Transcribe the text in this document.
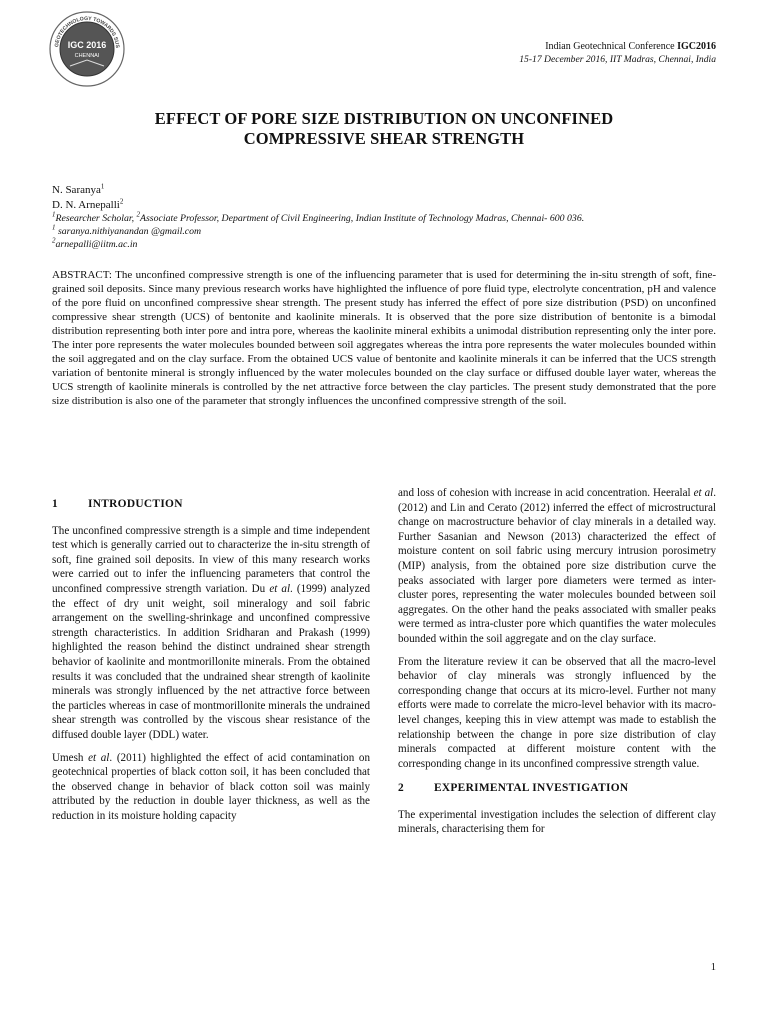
GEOTECHNOLOGY TOWARDS SUS
IGC 2016
CHENNAI
Indian Geotechnical Conference IGC2016
15-17 December 2016, IIT Madras, Chennai, India
EFFECT OF PORE SIZE DISTRIBUTION ON UNCONFINED
COMPRESSIVE SHEAR STRENGTH
N. Saranya$^1$
D. N. Arnepalli$^2$
$^1$Researcher Scholar, $^2$Associate Professor, Department of Civil Engineering, Indian Institute of Technology Madras, Chennai- 600 036.
$^1$ saranya.nithiyanandan @gmail.com
$^2$arnepalli@iitm.ac.in
ABSTRACT: The unconfined compressive strength is one of the influencing parameter that is used for determining the in-situ strength of soft, fine-grained soil deposits. Since many previous research works have highlighted the influence of pore fluid type, electrolyte concentration, pH and valence of the pore fluid on unconfined compressive shear strength. The present study has inferred the effect of pore size distribution (PSD) on unconfined compressive shear strength (UCS) of bentonite and kaolinite minerals. It is observed that the pore size distribution of bentonite is a bimodal distribution representing both inter pore and intra pore, whereas the kaolinite mineral exhibits a unimodal distribution representing only the inter pore. The inter pore represents the water molecules bounded between soil aggregates whereas the intra pore represents the water molecules bounded within the soil aggregated and on the clay surface. From the obtained UCS value of bentonite and kaolinite minerals it can be inferred that the UCS strength variation of bentonite mineral is strongly influenced by the water molecules bounded on the clay surface or diffused double layer water, whereas the UCS strength of kaolinite minerals is controlled by the net attractive force between the clay particles. The present study demonstrated that the pore size distribution is also one of the parameter that strongly influences the unconfined compressive strength of the soil.
1	INTRODUCTION

The unconfined compressive strength is a simple and time independent test which is generally carried out to characterize the in-situ strength of soft, fine grained soil deposits. In view of this many research works were carried out to infer the influencing parameters that control the unconfined compressive strength variation. Du et al. (1999) analyzed the effect of dry unit weight, soil mineralogy and soil fabric arrangement on the swelling-shrinkage and unconfined compressive strength characteristics. In addition Sridharan and Prakash (1999) highlighted the reason behind the distinct undrained shear strength behavior of kaolinite and montmorillonite minerals. From the obtained results it was concluded that the undrained shear strength of kaolinite minerals was strongly influenced by the net attractive force between the particles whereas in case of montmorillonite minerals the undrained shear strength was controlled by the viscous shear resistance of the diffused double layer (DDL) water.

Umesh et al. (2011) highlighted the effect of acid contamination on geotechnical properties of black cotton soil, it has been concluded that the observed change in behavior of black cotton soil was mainly attributed by the reduction in double layer thickness, as well as the reduction in its moisture holding capacity

and loss of cohesion with increase in acid concentration. Heeralal et al. (2012) and Lin and Cerato (2012) inferred the effect of microstructural change on macrostructure behavior of clay minerals in a detailed way. Further Sasanian and Newson (2013) characterized the effect of moisture content on soil fabric using mercury intrusion porosimetry (MIP) analysis, from the obtained pore size distribution curve the peaks associated with larger pore diameters were termed as inter-cluster pores, representing the water molecules bounded between soil aggregates. On the other hand the peaks associated with smaller peaks were termed as intra-cluster pore which quantifies the water molecules bounded within the soil aggregate and on the clay surface.

From the literature review it can be observed that all the macro-level behavior of clay minerals was strongly influenced by the corresponding change that occurs at its micro-level. Further not many efforts were made to correlate the micro-level behavior with its macro-level changes, keeping this in view attempt was made to establish the relationship between the change in pore size distribution of clay minerals compacted at different moisture content with the corresponding change in its unconfined compressive strength value.

2	EXPERIMENTAL INVESTIGATION

The experimental investigation includes the selection of different clay minerals, characterising them for

1
